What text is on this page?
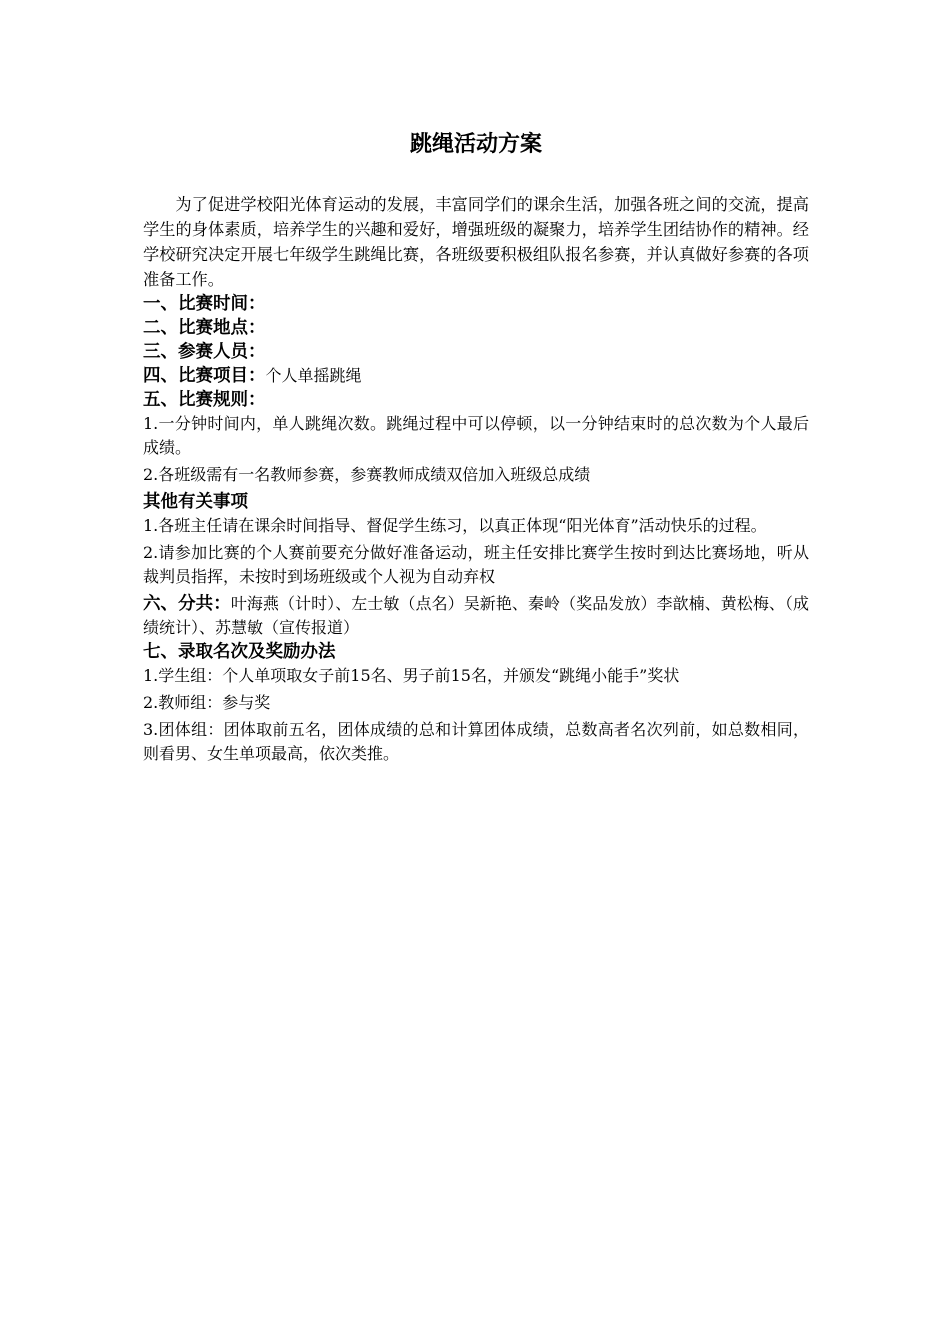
跳绳活动方案

为了促进学校阳光体育运动的发展，丰富同学们的课余生活，加强各班之间的交流，提高学生的身体素质，培养学生的兴趣和爱好，增强班级的凝聚力，培养学生团结协作的精神。经学校研究决定开展七年级学生跳绳比赛，各班级要积极组队报名参赛，并认真做好参赛的各项准备工作。

一、比赛时间：
二、比赛地点：
三、参赛人员：
四、比赛项目：个人单摇跳绳
五、比赛规则：

1.一分钟时间内，单人跳绳次数。跳绳过程中可以停顿，以一分钟结束时的总次数为个人最后成绩。

2.各班级需有一名教师参赛，参赛教师成绩双倍加入班级总成绩

其他有关事项

1.各班主任请在课余时间指导、督促学生练习，以真正体现“阳光体育”活动快乐的过程。

2.请参加比赛的个人赛前要充分做好准备运动，班主任安排比赛学生按时到达比赛场地，听从裁判员指挥，未按时到场班级或个人视为自动弃权

六、分共：叶海燕（计时）、左士敏（点名）吴新艳、秦岭（奖品发放）李歆楠、黄松梅、（成绩统计）、苏慧敏（宣传报道）

七、录取名次及奖励办法

1.学生组：个人单项取女子前15名、男子前15名，并颁发“跳绳小能手”奖状

2.教师组：参与奖

3.团体组：团体取前五名，团体成绩的总和计算团体成绩，总数高者名次列前，如总数相同，则看男、女生单项最高，依次类推。
